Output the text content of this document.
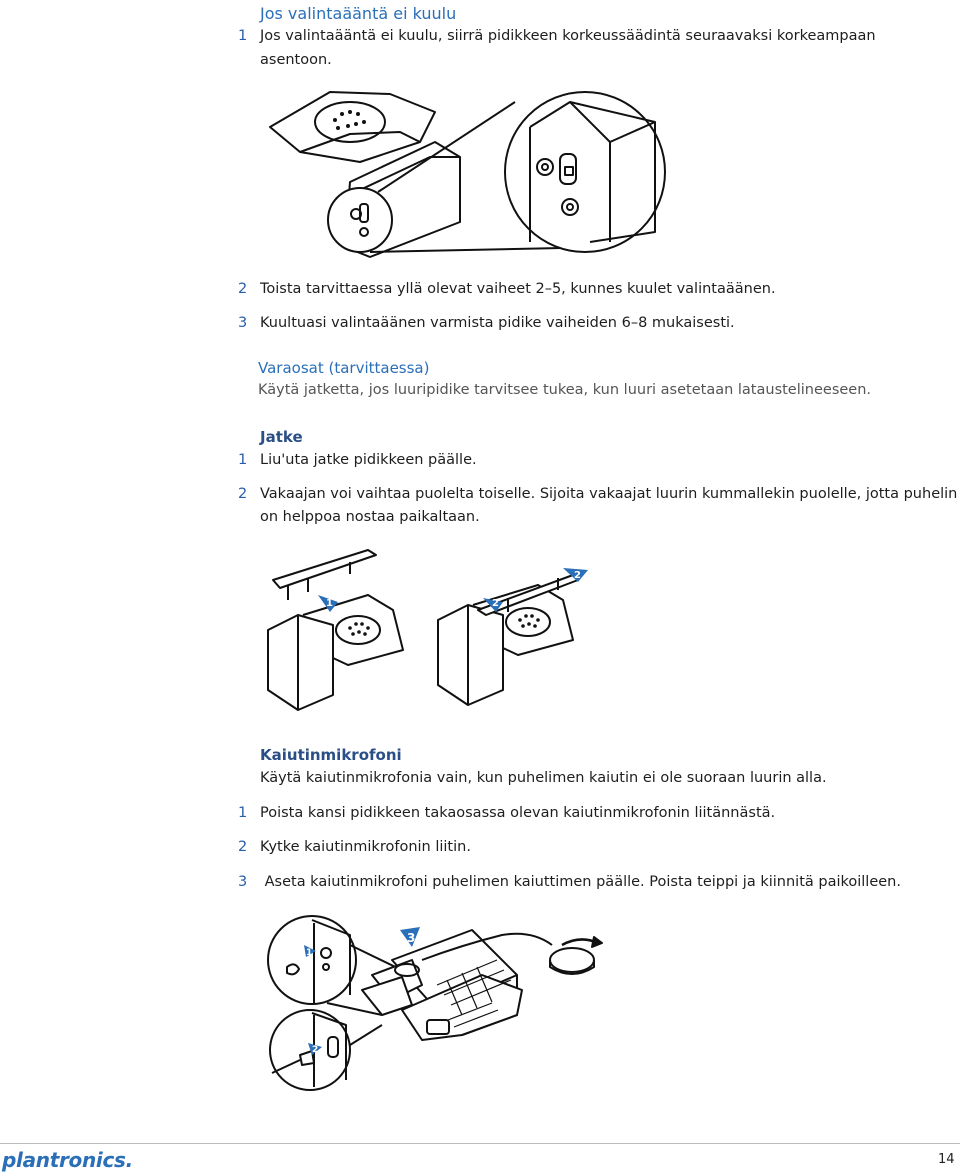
Jos valintaääntä ei kuulu
1 Jos valintaääntä ei kuulu, siirrä pidikkeen korkeussäädintä seuraavaksi korkeampaan
asentoon.
2 Toista tarvittaessa yllä olevat vaiheet 2–5, kunnes kuulet valintaäänen.
3 Kuultuasi valintaäänen varmista pidike vaiheiden 6–8 mukaisesti.
Varaosat (tarvittaessa)
Käytä jatketta, jos luuripidike tarvitsee tukea, kun luuri asetetaan lataustelineeseen.
Jatke
1 Liu'uta jatke pidikkeen päälle.
2 Vakaajan voi vaihtaa puolelta toiselle. Sijoita vakaajat luurin kummallekin puolelle, jotta puhelin
on helppoa nostaa paikaltaan.
1	2
2
Kaiutinmikrofoni
Käytä kaiutinmikrofonia vain, kun puhelimen kaiutin ei ole suoraan luurin alla.
1 Poista kansi pidikkeen takaosassa olevan kaiutinmikrofonin liitännästä.
2 Kytke kaiutinmikrofonin liitin.
3 Aseta kaiutinmikrofoni puhelimen kaiuttimen päälle. Poista teippi ja kiinnitä paikoilleen.
1
2
3
plantronics.	14
